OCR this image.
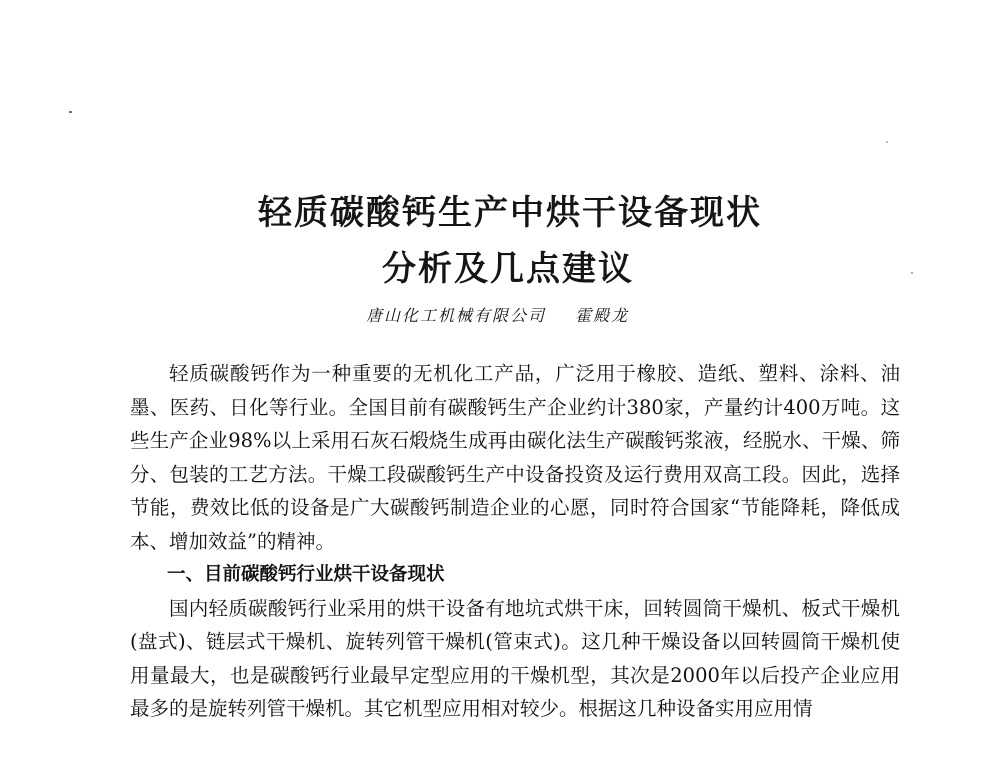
轻质碳酸钙生产中烘干设备现状
分析及几点建议
唐山化工机械有限公司 霍殿龙

轻质碳酸钙作为一种重要的无机化工产品，广泛用于橡胶、造纸、塑料、涂料、油墨、医药、日化等行业。全国目前有碳酸钙生产企业约计380家，产量约计400万吨。这些生产企业98%以上采用石灰石煅烧生成再由碳化法生产碳酸钙浆液，经脱水、干燥、筛分、包装的工艺方法。干燥工段碳酸钙生产中设备投资及运行费用双高工段。因此，选择节能，费效比低的设备是广大碳酸钙制造企业的心愿，同时符合国家“节能降耗，降低成本、增加效益”的精神。

一、目前碳酸钙行业烘干设备现状

国内轻质碳酸钙行业采用的烘干设备有地坑式烘干床，回转圆筒干燥机、板式干燥机(盘式)、链层式干燥机、旋转列管干燥机(管束式)。这几种干燥设备以回转圆筒干燥机使用量最大，也是碳酸钙行业最早定型应用的干燥机型，其次是2000年以后投产企业应用最多的是旋转列管干燥机。其它机型应用相对较少。根据这几种设备实用应用情
